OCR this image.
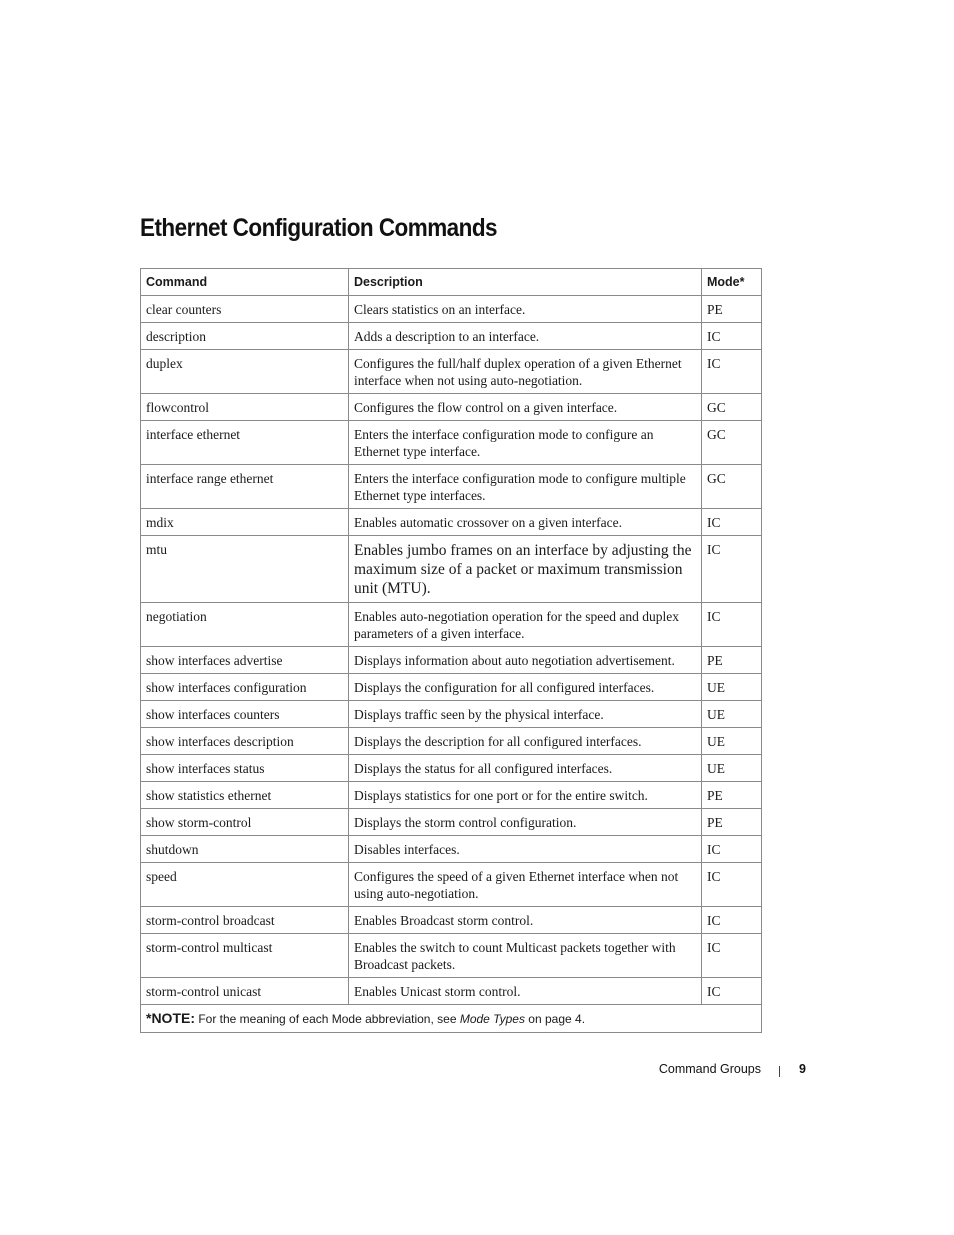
Ethernet Configuration Commands
Command	Description	Mode*
clear counters	Clears statistics on an interface.	PE
description	Adds a description to an interface.	IC
duplex	Configures the full/half duplex operation of a given Ethernet interface when not using auto-negotiation.	IC
flowcontrol	Configures the flow control on a given interface.	GC
interface ethernet	Enters the interface configuration mode to configure an Ethernet type interface.	GC
interface range ethernet	Enters the interface configuration mode to configure multiple Ethernet type interfaces.	GC
mdix	Enables automatic crossover on a given interface.	IC
mtu	Enables jumbo frames on an interface by adjusting the maximum size of a packet or maximum transmission unit (MTU).	IC
negotiation	Enables auto-negotiation operation for the speed and duplex parameters of a given interface.	IC
show interfaces advertise	Displays information about auto negotiation advertisement.	PE
show interfaces configuration	Displays the configuration for all configured interfaces.	UE
show interfaces counters	Displays traffic seen by the physical interface.	UE
show interfaces description	Displays the description for all configured interfaces.	UE
show interfaces status	Displays the status for all configured interfaces.	UE
show statistics ethernet	Displays statistics for one port or for the entire switch.	PE
show storm-control	Displays the storm control configuration.	PE
shutdown	Disables interfaces.	IC
speed	Configures the speed of a given Ethernet interface when not using auto-negotiation.	IC
storm-control broadcast	Enables Broadcast storm control.	IC
storm-control multicast	Enables the switch to count Multicast packets together with Broadcast packets.	IC
storm-control unicast	Enables Unicast storm control.	IC
*NOTE: For the meaning of each Mode abbreviation, see Mode Types on page 4.		
Command Groups	9
